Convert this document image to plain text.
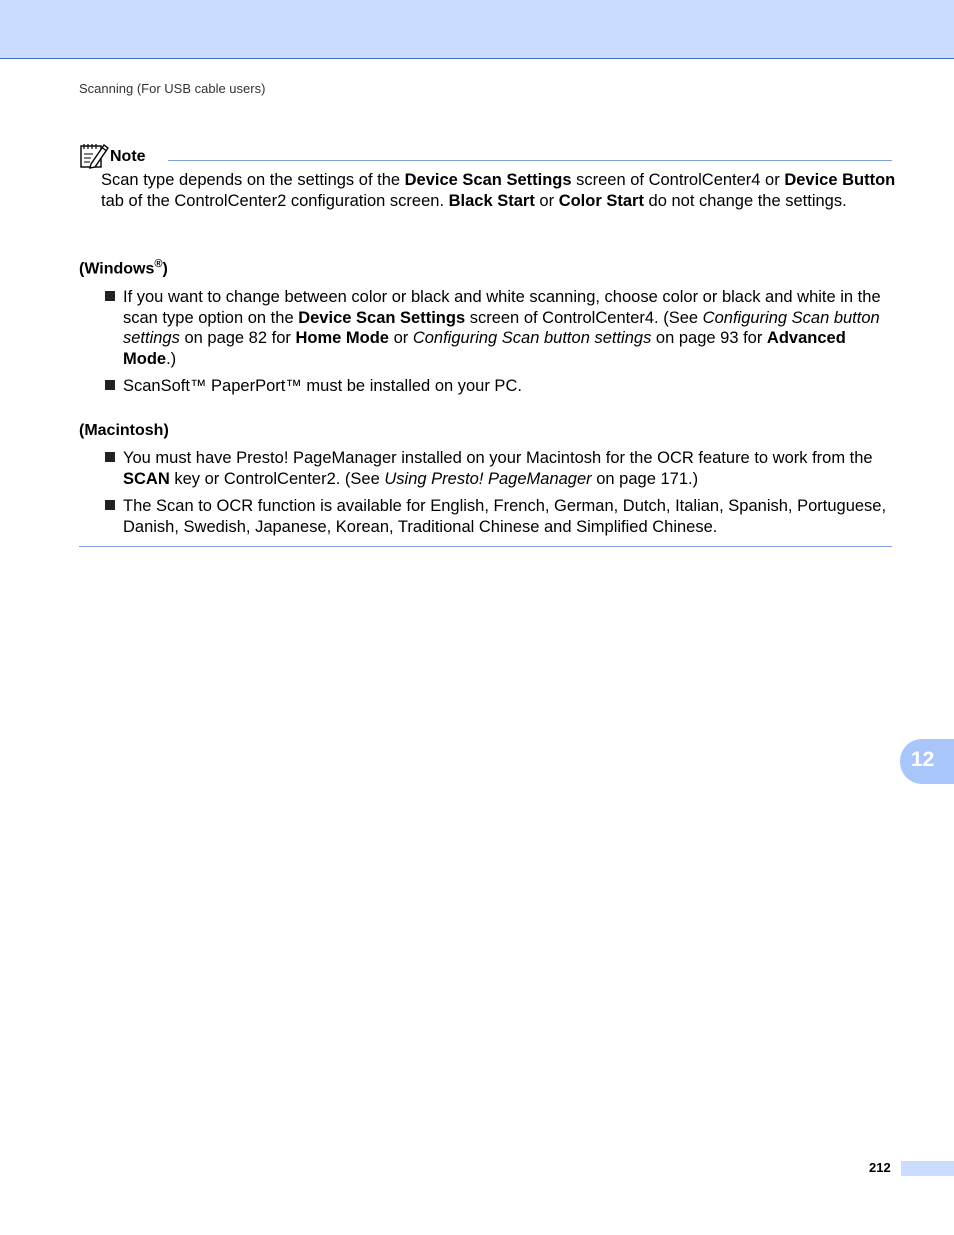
Scanning (For USB cable users)
Note
Scan type depends on the settings of the Device Scan Settings screen of ControlCenter4 or Device Button tab of the ControlCenter2 configuration screen. Black Start or Color Start do not change the settings.
(Windows®)
If you want to change between color or black and white scanning, choose color or black and white in the scan type option on the Device Scan Settings screen of ControlCenter4. (See Configuring Scan button settings on page 82 for Home Mode or Configuring Scan button settings on page 93 for Advanced Mode.)
ScanSoft™ PaperPort™ must be installed on your PC.
(Macintosh)
You must have Presto! PageManager installed on your Macintosh for the OCR feature to work from the SCAN key or ControlCenter2. (See Using Presto! PageManager on page 171.)
The Scan to OCR function is available for English, French, German, Dutch, Italian, Spanish, Portuguese, Danish, Swedish, Japanese, Korean, Traditional Chinese and Simplified Chinese.
12
212
